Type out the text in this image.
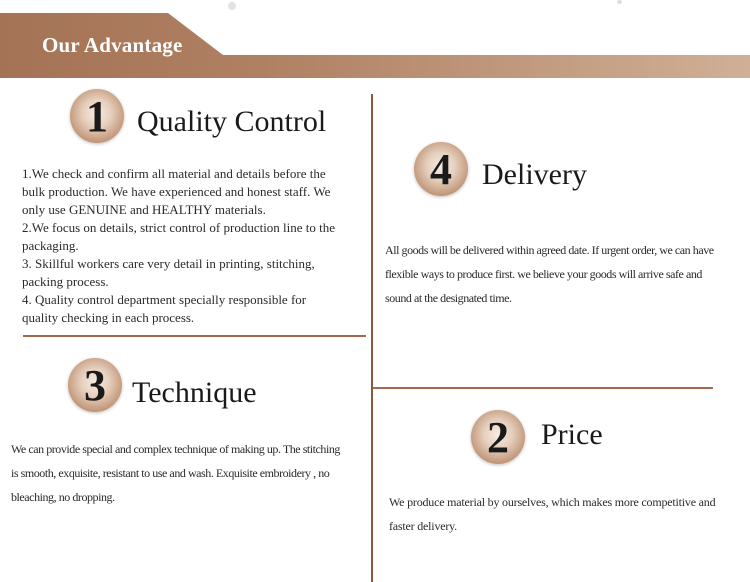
Our Advantage
1 Quality Control
1.We check and confirm all material and details before the
bulk production. We have experienced and honest staff. We
only use GENUINE and HEALTHY materials.
2.We focus on details, strict control of production line to the
packaging.
3. Skillful workers care very detail in printing, stitching,
packing process.
4. Quality control department specially responsible for
quality checking in each process.
4	Delivery
All goods will be delivered within agreed date. If urgent order, we can have
flexible ways to produce first. we believe your goods will arrive safe and
sound at the designated time.
3 Technique
We can provide special and complex technique of making up. The stitching
is smooth, exquisite, resistant to use and wash. Exquisite embroidery , no
bleaching, no dropping.
2	Price
We produce material by ourselves, which makes more competitive and
faster delivery.
